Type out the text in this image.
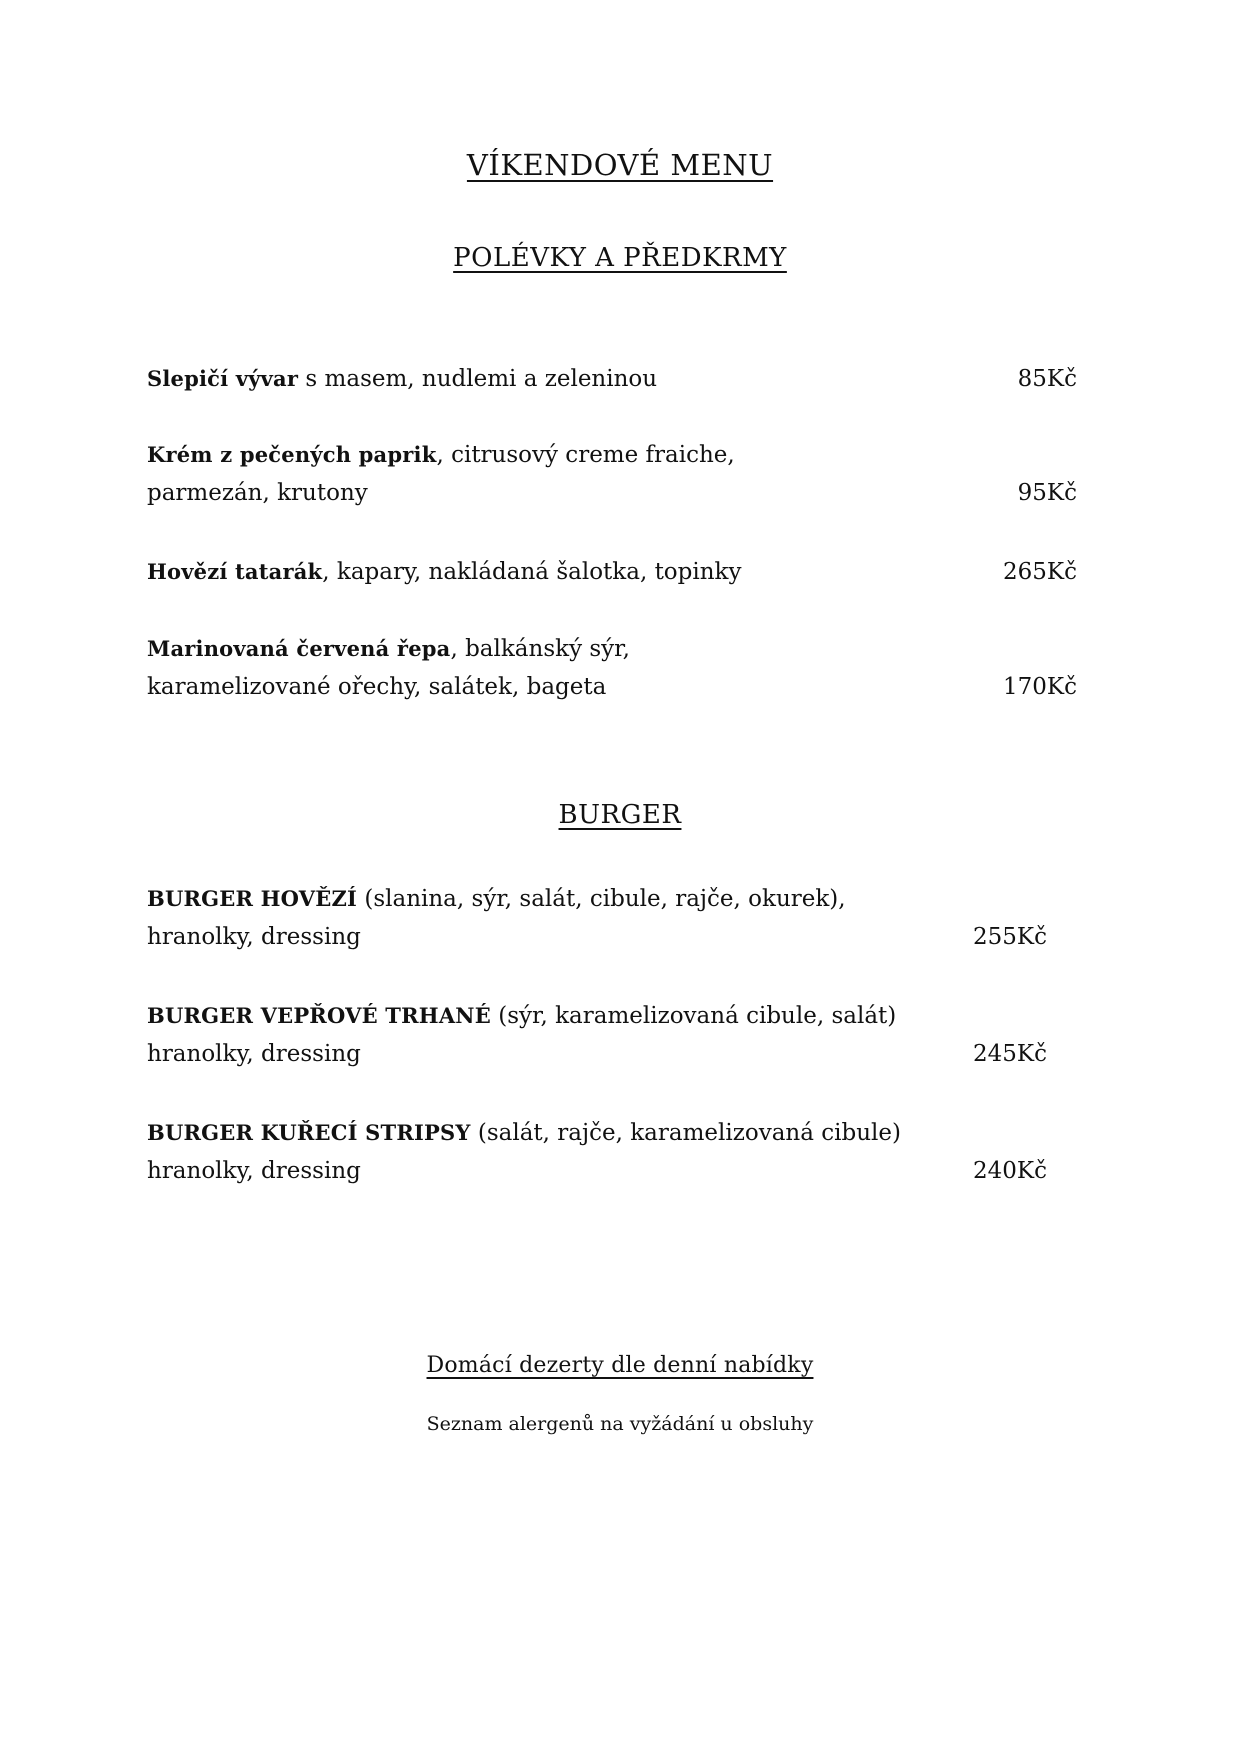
VÍKENDOVÉ MENU
POLÉVKY A PŘEDKRMY
Slepičí vývar s masem, nudlemi a zeleninou	85Kč
Krém z pečených paprik, citrusový creme fraiche,
parmezán, krutony	95Kč
Hovězí tatarák, kapary, nakládaná šalotka, topinky	265Kč
Marinovaná červená řepa, balkánský sýr,
karamelizované ořechy, salátek, bageta	170Kč
BURGER
BURGER HOVĚZÍ (slanina, sýr, salát, cibule, rajče, okurek),
hranolky, dressing	255Kč
BURGER VEPŘOVÉ TRHANÉ (sýr, karamelizovaná cibule, salát)
hranolky, dressing	245Kč
BURGER KUŘECÍ STRIPSY (salát, rajče, karamelizovaná cibule)
hranolky, dressing	240Kč
Domácí dezerty dle denní nabídky
Seznam alergenů na vyžádání u obsluhy
